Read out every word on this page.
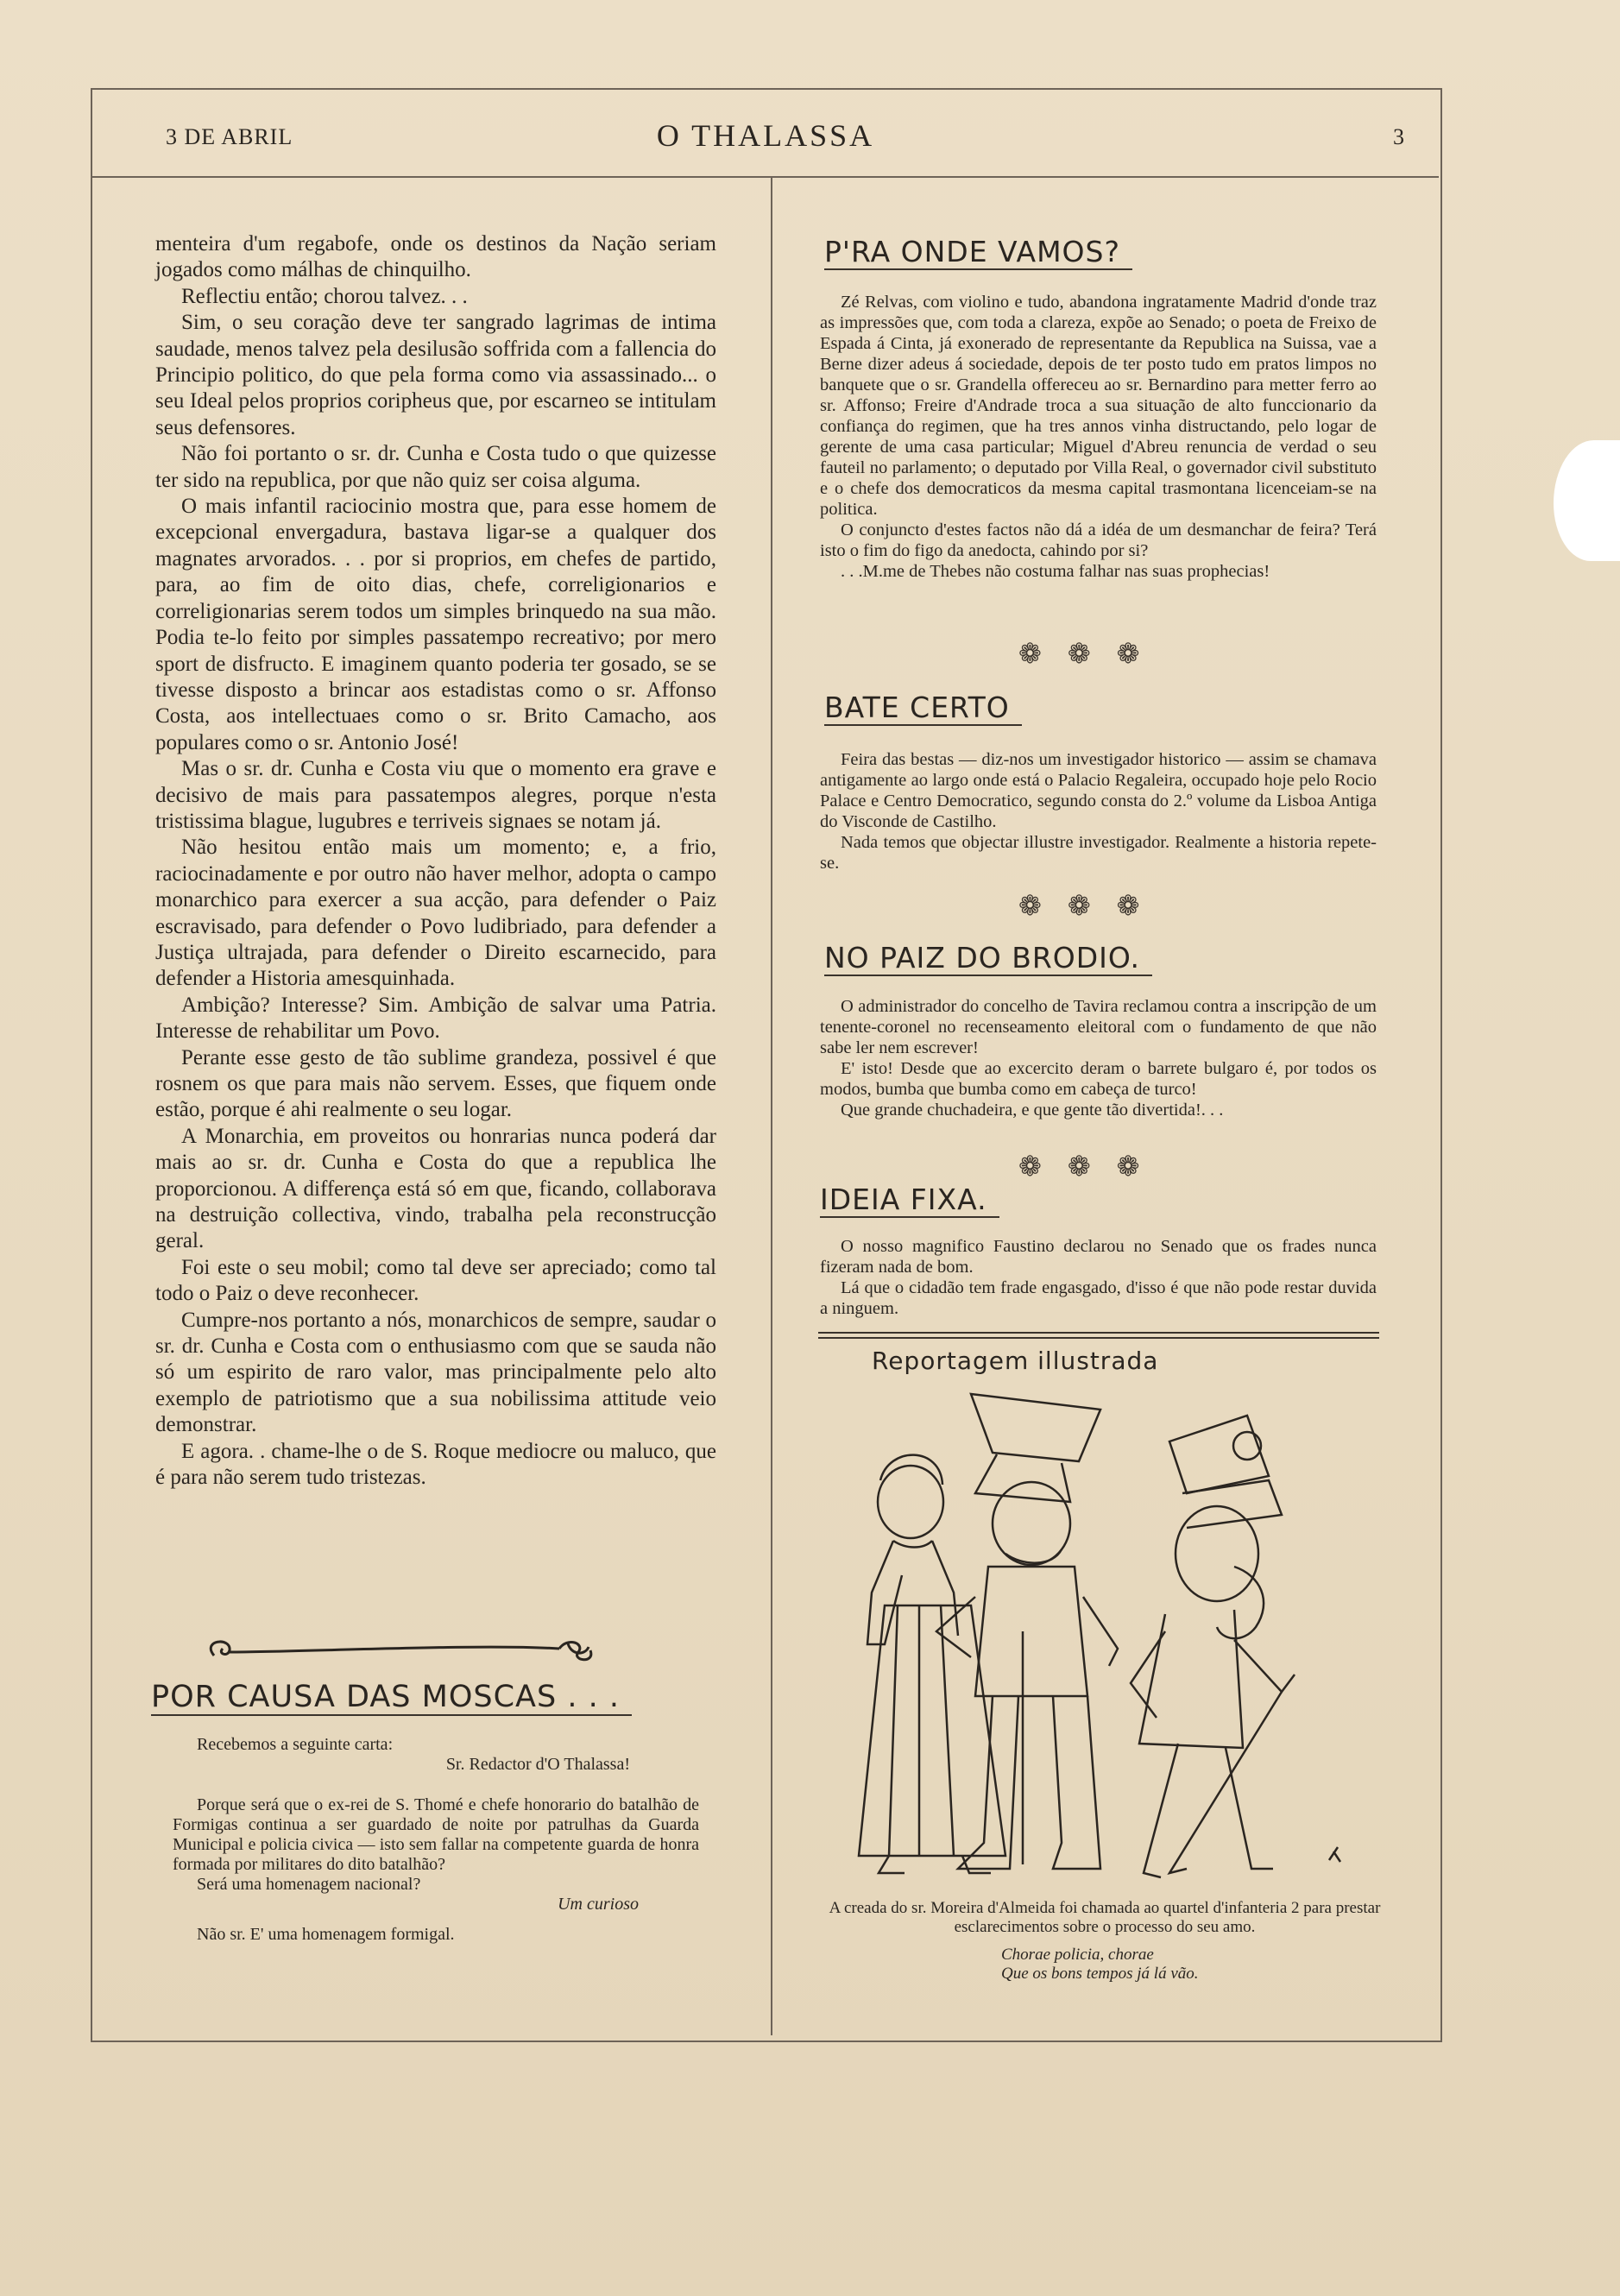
3 DE ABRIL	O THALASSA	3

menteira d'um regabofe, onde os destinos da Nação seriam jogados como málhas de chinquilho.

Reflectiu então; chorou talvez. . .

Sim, o seu coração deve ter sangrado lagrimas de intima saudade, menos talvez pela desilusão soffrida com a fallencia do Principio politico, do que pela forma como via assassinado... o seu Ideal pelos proprios coripheus que, por escarneo se intitulam seus defensores.

Não foi portanto o sr. dr. Cunha e Costa tudo o que quizesse ter sido na republica, por que não quiz ser coisa alguma.

O mais infantil raciocinio mostra que, para esse homem de excepcional envergadura, bastava ligar-se a qualquer dos magnates arvorados. . . por si proprios, em chefes de partido, para, ao fim de oito dias, chefe, correligionarios e correligionarias serem todos um simples brinquedo na sua mão. Podia te-lo feito por simples passatempo recreativo; por mero sport de disfructo. E imaginem quanto poderia ter gosado, se se tivesse disposto a brincar aos estadistas como o sr. Affonso Costa, aos intellectuaes como o sr. Brito Camacho, aos populares como o sr. Antonio José!

Mas o sr. dr. Cunha e Costa viu que o momento era grave e decisivo de mais para passatempos alegres, porque n'esta tristissima blague, lugubres e terriveis signaes se notam já.

Não hesitou então mais um momento; e, a frio, raciocinadamente e por outro não haver melhor, adopta o campo monarchico para exercer a sua acção, para defender o Paiz escravisado, para defender o Povo ludibriado, para defender a Justiça ultrajada, para defender o Direito escarnecido, para defender a Historia amesquinhada.

Ambição? Interesse? Sim. Ambição de salvar uma Patria. Interesse de rehabilitar um Povo.

Perante esse gesto de tão sublime grandeza, possivel é que rosnem os que para mais não servem. Esses, que fiquem onde estão, porque é ahi realmente o seu logar.

A Monarchia, em proveitos ou honrarias nunca poderá dar mais ao sr. dr. Cunha e Costa do que a republica lhe proporcionou. A differença está só em que, ficando, collaborava na destruição collectiva, vindo, trabalha pela reconstrucção geral.

Foi este o seu mobil; como tal deve ser apreciado; como tal todo o Paiz o deve reconhecer.

Cumpre-nos portanto a nós, monarchicos de sempre, saudar o sr. dr. Cunha e Costa com o enthusiasmo com que se sauda não só um espirito de raro valor, mas principalmente pelo alto exemplo de patriotismo que a sua nobilissima attitude veio demonstrar.

E agora. . chame-lhe o de S. Roque mediocre ou maluco, que é para não serem tudo tristezas.

POR CAUSA DAS MOSCAS . . .

Recebemos a seguinte carta:

Sr. Redactor d'O Thalassa!

Porque será que o ex-rei de S. Thomé e chefe honorario do batalhão de Formigas continua a ser guardado de noite por patrulhas da Guarda Municipal e policia civica — isto sem fallar na competente guarda de honra formada por militares do dito batalhão?

Será uma homenagem nacional?

Um curioso

Não sr. E' uma homenagem formigal.

P'RA ONDE VAMOS?

Zé Relvas, com violino e tudo, abandona ingratamente Madrid d'onde traz as impressões que, com toda a clareza, expõe ao Senado; o poeta de Freixo de Espada á Cinta, já exonerado de representante da Republica na Suissa, vae a Berne dizer adeus á sociedade, depois de ter posto tudo em pratos limpos no banquete que o sr. Grandella offereceu ao sr. Bernardino para metter ferro ao sr. Affonso; Freire d'Andrade troca a sua situação de alto funccionario da confiança do regimen, que ha tres annos vinha distructando, pelo logar de gerente de uma casa particular; Miguel d'Abreu renuncia de verdad o seu fauteil no parlamento; o deputado por Villa Real, o governador civil substituto e o chefe dos democraticos da mesma capital trasmontana licenceiam-se na politica.

O conjuncto d'estes factos não dá a idéa de um desmanchar de feira? Terá isto o fim do figo da anedocta, cahindo por si?

. . .M.me de Thebes não costuma falhar nas suas prophecias!

❁❁❁
BATE CERTO

Feira das bestas — diz-nos um investigador historico — assim se chamava antigamente ao largo onde está o Palacio Regaleira, occupado hoje pelo Rocio Palace e Centro Democratico, segundo consta do 2.º volume da Lisboa Antiga do Visconde de Castilho.

Nada temos que objectar illustre investigador. Realmente a historia repete-se.

❁❁❁
NO PAIZ DO BRODIO.

O administrador do concelho de Tavira reclamou contra a inscripção de um tenente-coronel no recenseamento eleitoral com o fundamento de que não sabe ler nem escrever!

E' isto! Desde que ao excercito deram o barrete bulgaro é, por todos os modos, bumba que bumba como em cabeça de turco!

Que grande chuchadeira, e que gente tão divertida!. . .

❁❁❁
IDEIA FIXA.

O nosso magnifico Faustino declarou no Senado que os frades nunca fizeram nada de bom.

Lá que o cidadão tem frade engasgado, d'isso é que não pode restar duvida a ninguem.

Reportagem illustrada
A creada do sr. Moreira d'Almeida foi chamada ao quartel d'infanteria 2 para prestar esclarecimentos sobre o processo do seu amo.
Chorae policia, chorae
Que os bons tempos já lá vão.
